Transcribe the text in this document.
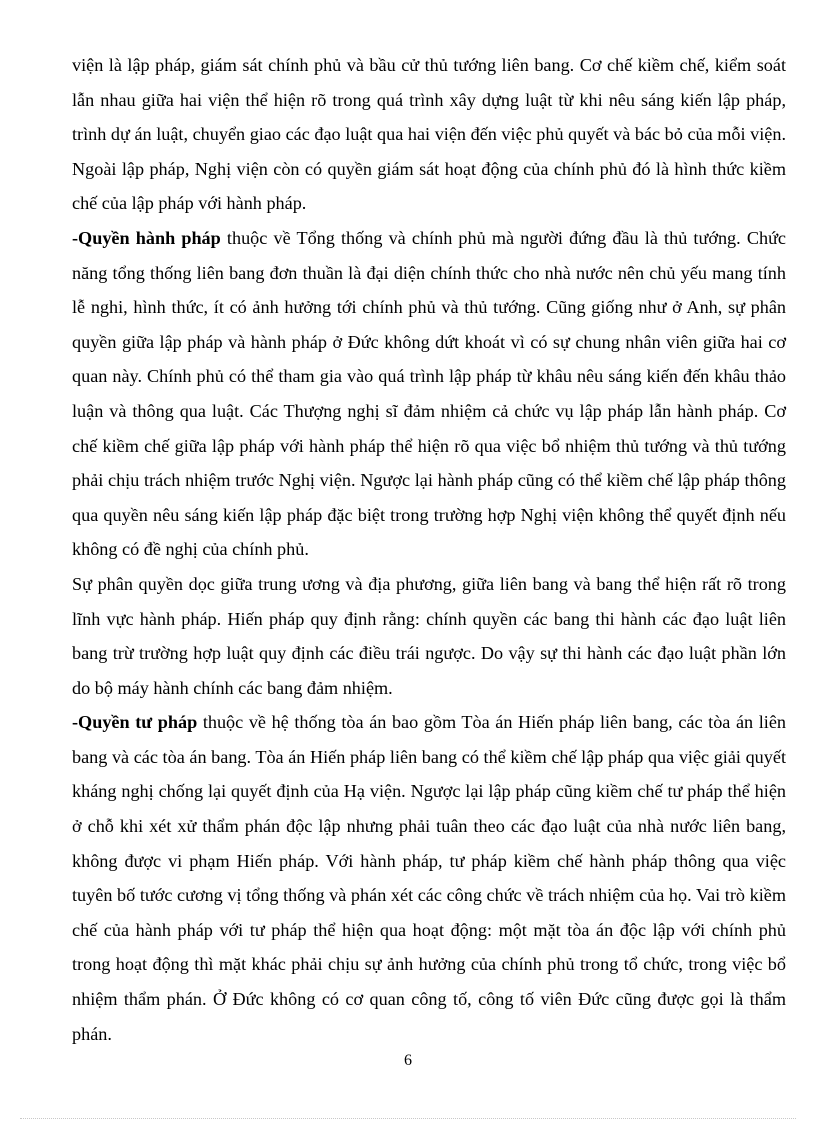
viện là lập pháp, giám sát chính phủ và bầu cử thủ tướng liên bang. Cơ chế kiềm chế, kiểm soát lẫn nhau giữa hai viện thể hiện rõ trong quá trình xây dựng luật từ khi nêu sáng kiến lập pháp, trình dự án luật, chuyển giao các đạo luật qua hai viện đến việc phủ quyết và bác bỏ của mỗi viện. Ngoài lập pháp, Nghị viện còn có quyền giám sát hoạt động của chính phủ đó là hình thức kiềm chế của lập pháp với hành pháp.

-Quyền hành pháp thuộc về Tổng thống và chính phủ mà người đứng đầu là thủ tướng. Chức năng tổng thống liên bang đơn thuần là đại diện chính thức cho nhà nước nên chủ yếu mang tính lễ nghi, hình thức, ít có ảnh hưởng tới chính phủ và thủ tướng. Cũng giống như ở Anh, sự phân quyền giữa lập pháp và hành pháp ở Đức không dứt khoát vì có sự chung nhân viên giữa hai cơ quan này. Chính phủ có thể tham gia vào quá trình lập pháp từ khâu nêu sáng kiến đến khâu thảo luận và thông qua luật. Các Thượng nghị sĩ đảm nhiệm cả chức vụ lập pháp lẫn hành pháp. Cơ chế kiềm chế giữa lập pháp với hành pháp thể hiện rõ qua việc bổ nhiệm thủ tướng và thủ tướng phải chịu trách nhiệm trước Nghị viện. Ngược lại hành pháp cũng có thể kiềm chế lập pháp thông qua quyền nêu sáng kiến lập pháp đặc biệt trong trường hợp Nghị viện không thể quyết định nếu không có đề nghị của chính phủ.

Sự phân quyền dọc giữa trung ương và địa phương, giữa liên bang và bang thể hiện rất rõ trong lĩnh vực hành pháp. Hiến pháp quy định rằng: chính quyền các bang thi hành các đạo luật liên bang trừ trường hợp luật quy định các điều trái ngược. Do vậy sự thi hành các đạo luật phần lớn do bộ máy hành chính các bang đảm nhiệm.

-Quyền tư pháp thuộc về hệ thống tòa án bao gồm Tòa án Hiến pháp liên bang, các tòa án liên bang và các tòa án bang. Tòa án Hiến pháp liên bang có thể kiềm chế lập pháp qua việc giải quyết kháng nghị chống lại quyết định của Hạ viện. Ngược lại lập pháp cũng kiềm chế tư pháp thể hiện ở chỗ khi xét xử thẩm phán độc lập nhưng phải tuân theo các đạo luật của nhà nước liên bang, không được vi phạm Hiến pháp. Với hành pháp, tư pháp kiềm chế hành pháp thông qua việc tuyên bố tước cương vị tổng thống và phán xét các công chức về trách nhiệm của họ. Vai trò kiềm chế của hành pháp với tư pháp thể hiện qua hoạt động: một mặt tòa án độc lập với chính phủ trong hoạt động thì mặt khác phải chịu sự ảnh hưởng của chính phủ trong tổ chức, trong việc bổ nhiệm thẩm phán. Ở Đức không có cơ quan công tố, công tố viên Đức cũng được gọi là thẩm phán.

6
